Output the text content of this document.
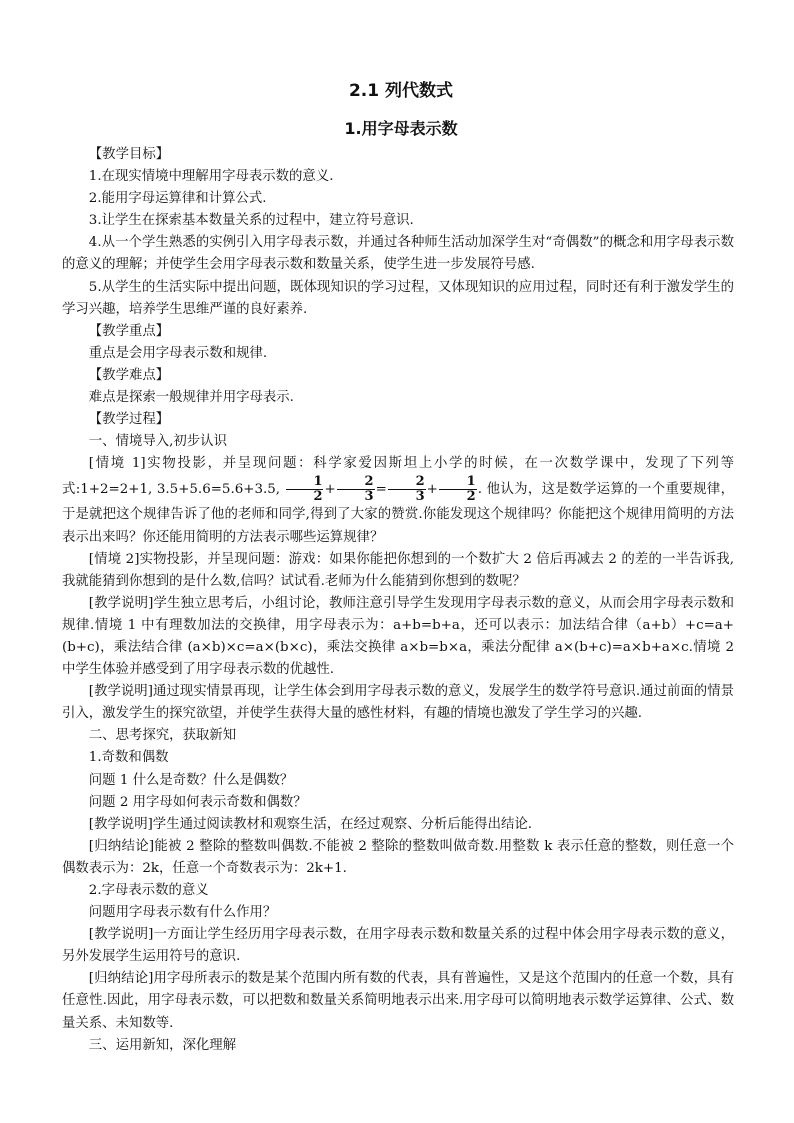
2.1 列代数式
1.用字母表示数

【教学目标】

1.在现实情境中理解用字母表示数的意义.

2.能用字母运算律和计算公式.

3.让学生在探索基本数量关系的过程中，建立符号意识.

4.从一个学生熟悉的实例引入用字母表示数，并通过各种师生活动加深学生对“奇偶数”的概念和用字母表示数的意义的理解；并使学生会用字母表示数和数量关系，使学生进一步发展符号感.

5.从学生的生活实际中提出问题，既体现知识的学习过程，又体现知识的应用过程，同时还有利于激发学生的学习兴趣，培养学生思维严谨的良好素养.

【教学重点】

重点是会用字母表示数和规律.

【教学难点】

难点是探索一般规律并用字母表示.

【教学过程】

一、情境导入,初步认识

[情境 1]实物投影，并呈现问题：科学家爱因斯坦上小学的时候，在一次数学课中，发现了下列等式:1+2=2+1, 3.5+5.6=5.6+3.5, $\frac{1}{2} + \frac{2}{3} = \frac{2}{3} + \frac{1}{2}$ . 他认为，这是数学运算的一个重要规律，于是就把这个规律告诉了他的老师和同学,得到了大家的赞赏.你能发现这个规律吗？你能把这个规律用简明的方法表示出来吗？你还能用简明的方法表示哪些运算规律？

[情境 2]实物投影，并呈现问题：游戏：如果你能把你想到的一个数扩大 2 倍后再减去 2 的差的一半告诉我,我就能猜到你想到的是什么数,信吗？试试看.老师为什么能猜到你想到的数呢？

[教学说明]学生独立思考后，小组讨论，教师注意引导学生发现用字母表示数的意义，从而会用字母表示数和规律.情境 1 中有理数加法的交换律，用字母表示为：a+b=b+a，还可以表示：加法结合律（a+b）+c=a+(b+c)，乘法结合律 (a×b)×c=a×(b×c)，乘法交换律 a×b=b×a，乘法分配律 a×(b+c)=a×b+a×c.情境 2 中学生体验并感受到了用字母表示数的优越性.

[教学说明]通过现实情景再现，让学生体会到用字母表示数的意义，发展学生的数学符号意识.通过前面的情景引入，激发学生的探究欲望，并使学生获得大量的感性材料，有趣的情境也激发了学生学习的兴趣.

二、思考探究，获取新知

1.奇数和偶数

问题 1 什么是奇数？什么是偶数？

问题 2 用字母如何表示奇数和偶数？

[教学说明]学生通过阅读教材和观察生活，在经过观察、分析后能得出结论.

[归纳结论]能被 2 整除的整数叫偶数.不能被 2 整除的整数叫做奇数.用整数 k 表示任意的整数，则任意一个偶数表示为：2k，任意一个奇数表示为：2k+1.

2.字母表示数的意义

问题用字母表示数有什么作用？

[教学说明]一方面让学生经历用字母表示数，在用字母表示数和数量关系的过程中体会用字母表示数的意义，另外发展学生运用符号的意识.

[归纳结论]用字母所表示的数是某个范围内所有数的代表，具有普遍性，又是这个范围内的任意一个数，具有任意性.因此，用字母表示数，可以把数和数量关系简明地表示出来.用字母可以简明地表示数学运算律、公式、数量关系、未知数等.

三、运用新知，深化理解
